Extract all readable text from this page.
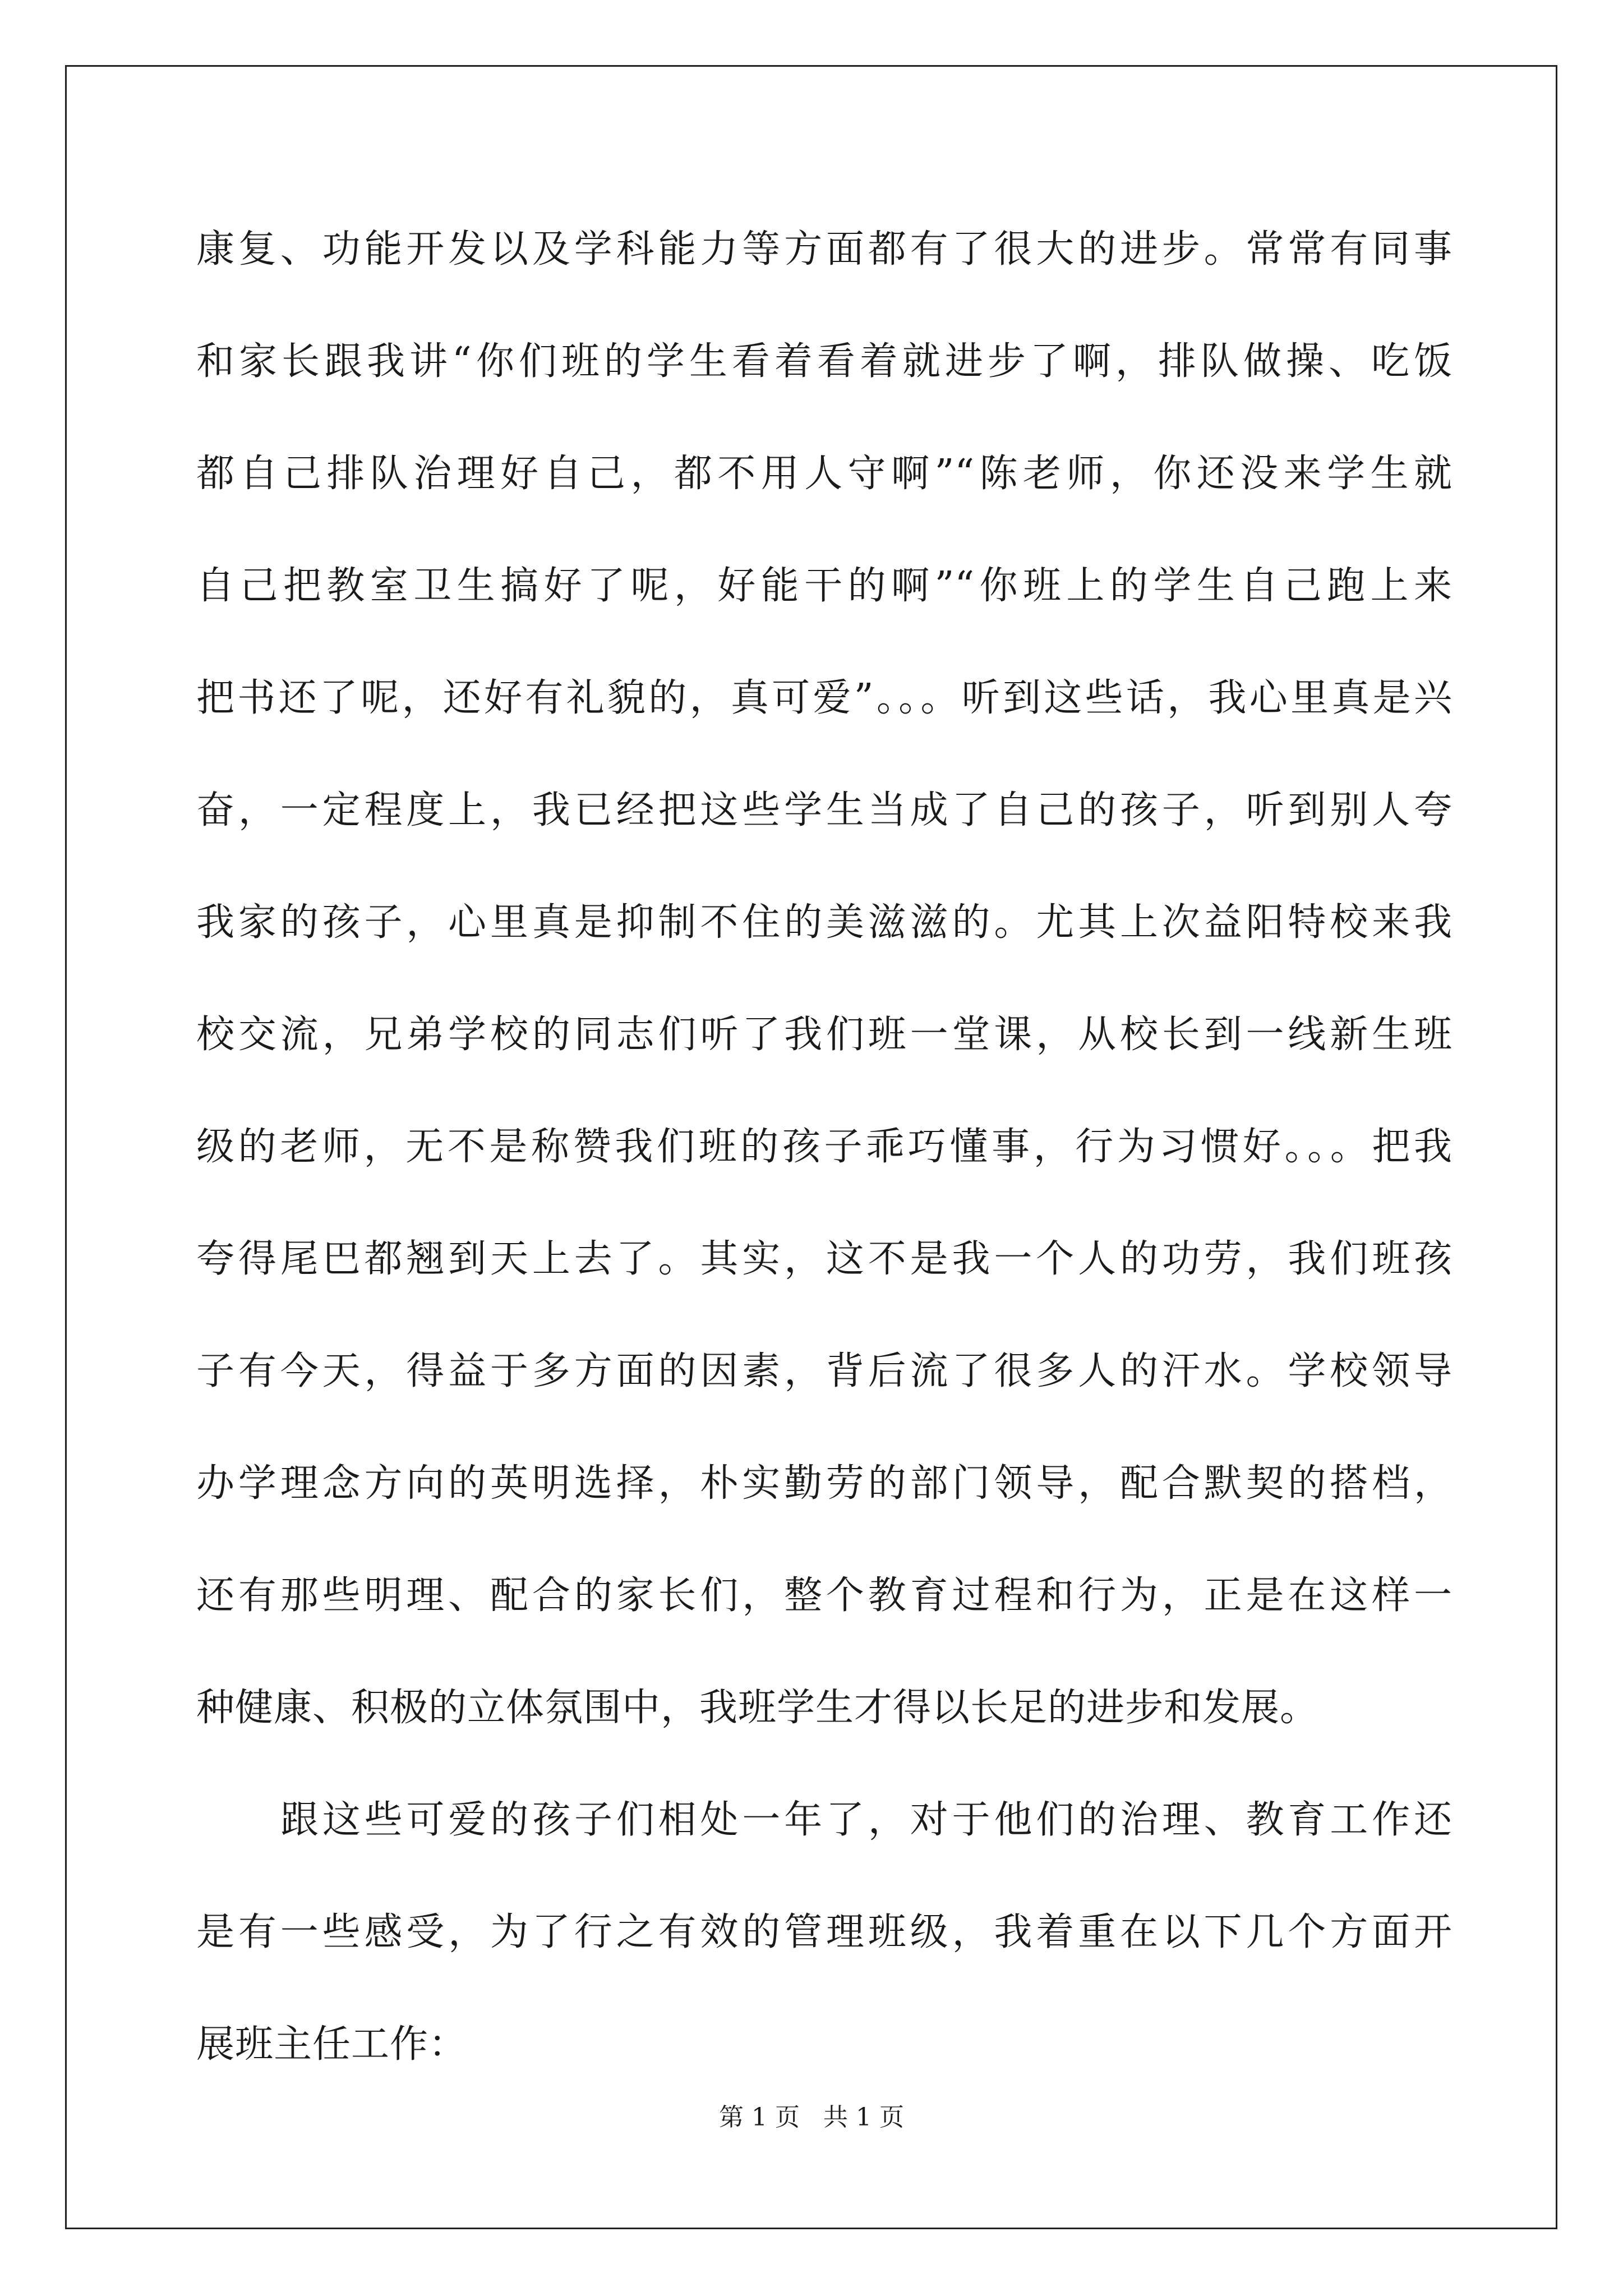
康复、功能开发以及学科能力等方面都有了很大的进步。常常有同事
和家长跟我讲“你们班的学生看着看着就进步了啊，排队做操、吃饭
都自己排队治理好自己，都不用人守啊”“陈老师，你还没来学生就
自己把教室卫生搞好了呢，好能干的啊”“你班上的学生自己跑上来
把书还了呢，还好有礼貌的，真可爱”。。。听到这些话，我心里真是兴
奋，一定程度上，我已经把这些学生当成了自己的孩子，听到别人夸
我家的孩子，心里真是抑制不住的美滋滋的。尤其上次益阳特校来我
校交流，兄弟学校的同志们听了我们班一堂课，从校长到一线新生班
级的老师，无不是称赞我们班的孩子乖巧懂事，行为习惯好。。。把我
夸得尾巴都翘到天上去了。其实，这不是我一个人的功劳，我们班孩
子有今天，得益于多方面的因素，背后流了很多人的汗水。学校领导
办学理念方向的英明选择，朴实勤劳的部门领导，配合默契的搭档，
还有那些明理、配合的家长们，整个教育过程和行为，正是在这样一
种健康、积极的立体氛围中，我班学生才得以长足的进步和发展。
跟这些可爱的孩子们相处一年了，对于他们的治理、教育工作还
是有一些感受，为了行之有效的管理班级，我着重在以下几个方面开
展班主任工作：
第 1 页   共 1 页
